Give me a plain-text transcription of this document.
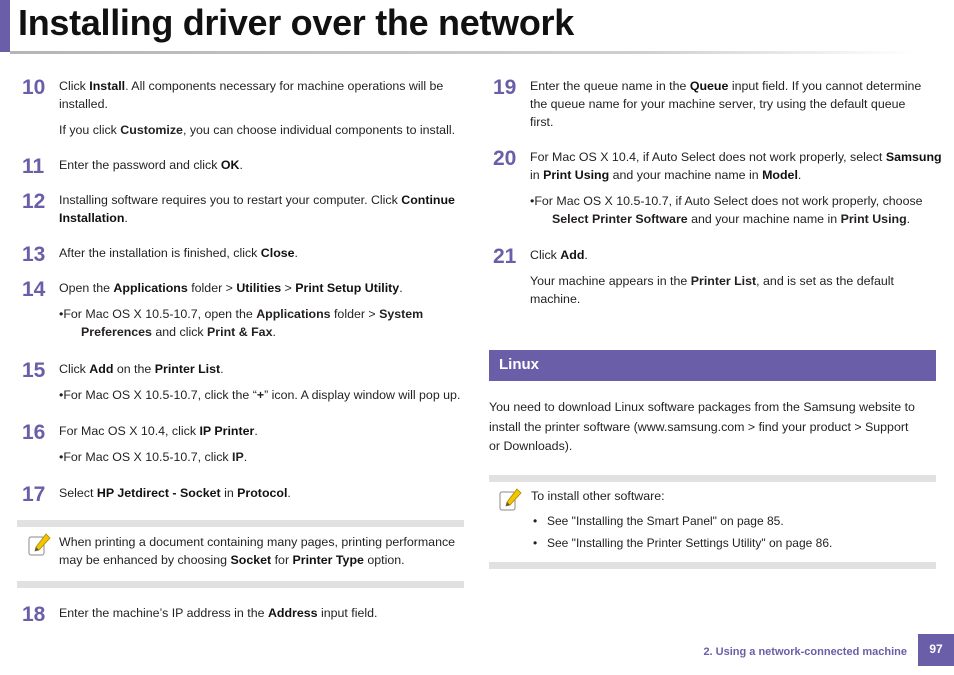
Installing driver over the network
10	Click Install. All components necessary for machine operations will be
installed.
If you click Customize, you can choose individual components to install.
11	Enter the password and click OK.
12	Installing software requires you to restart your computer. Click Continue
Installation.
13	After the installation is finished, click Close.
14	Open the Applications folder > Utilities > Print Setup Utility.
•For Mac OS X 10.5-10.7, open the Applications folder > System
Preferences and click Print & Fax.
15	Click Add on the Printer List.
•For Mac OS X 10.5-10.7, click the “+” icon. A display window will pop up.
16	For Mac OS X 10.4, click IP Printer.
•For Mac OS X 10.5-10.7, click IP.
17	Select HP Jetdirect - Socket in Protocol.
When printing a document containing many pages, printing performance
may be enhanced by choosing Socket for Printer Type option.
18	Enter the machine’s IP address in the Address input field.
19	Enter the queue name in the Queue input field. If you cannot determine
the queue name for your machine server, try using the default queue
first.
20	For Mac OS X 10.4, if Auto Select does not work properly, select Samsung
in Print Using and your machine name in Model.
•For Mac OS X 10.5-10.7, if Auto Select does not work properly, choose
Select Printer Software and your machine name in Print Using.
21	Click Add.
Your machine appears in the Printer List, and is set as the default
machine.
Linux
You need to download Linux software packages from the Samsung website to
install the printer software (www.samsung.com > find your product > Support
or Downloads).
To install other software:
• See "Installing the Smart Panel" on page 85.
• See "Installing the Printer Settings Utility" on page 86.
2. Using a network-connected machine	97
